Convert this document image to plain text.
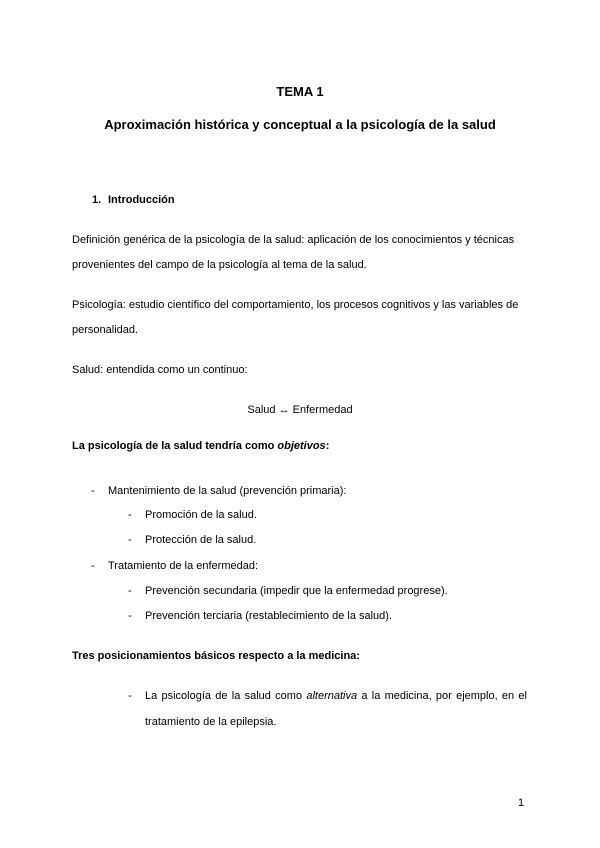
TEMA 1
Aproximación histórica y conceptual a la psicología de la salud
1. Introducción
Definición genérica de la psicología de la salud: aplicación de los conocimientos y técnicas
provenientes del campo de la psicología al tema de la salud.
Psicología: estudio científico del comportamiento, los procesos cognitivos y las variables de
personalidad.
Salud: entendida como un continuo:
Salud ↔ Enfermedad
La psicología de la salud tendría como objetivos:
- Mantenimiento de la salud (prevención primaria):
- Promoción de la salud.
- Protección de la salud.
- Tratamiento de la enfermedad:
- Prevención secundaria (impedir que la enfermedad progrese).
- Prevención terciaria (restablecimiento de la salud).
Tres posicionamientos básicos respecto a la medicina:
- La psicología de la salud como alternativa a la medicina, por ejemplo, en el
tratamiento de la epilepsia.
1
